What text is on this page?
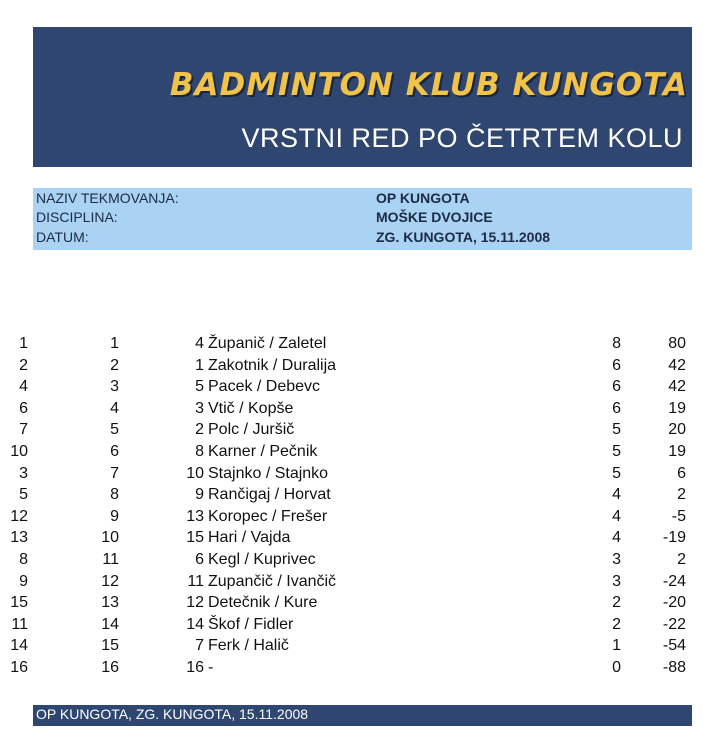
BADMINTON KLUB KUNGOTA
VRSTNI RED PO ČETRTEM KOLU
NAZIV TEKMOVANJA:	OP KUNGOTA
DISCIPLINA:	MOŠKE DVOJICE
DATUM:	ZG. KUNGOTA, 15.11.2008
1	1	4 Županič / Zaletel	8	80
2	2	1 Zakotnik / Duralija	6	42
4	3	5 Pacek / Debevc	6	42
6	4	3 Vtič / Kopše	6	19
7	5	2 Polc / Juršič	5	20
10	6	8 Karner / Pečnik	5	19
3	7	10 Stajnko / Stajnko	5	6
5	8	9 Rančigaj / Horvat	4	2
12	9	13 Koropec / Frešer	4	-5
13	10	15 Hari / Vajda	4	-19
8	11	6 Kegl / Kuprivec	3	2
9	12	11 Zupančič / Ivančič	3	-24
15	13	12 Detečnik / Kure	2	-20
11	14	14 Škof / Fidler	2	-22
14	15	7 Ferk / Halič	1	-54
16	16	16 -	0	-88
OP KUNGOTA, ZG. KUNGOTA, 15.11.2008
